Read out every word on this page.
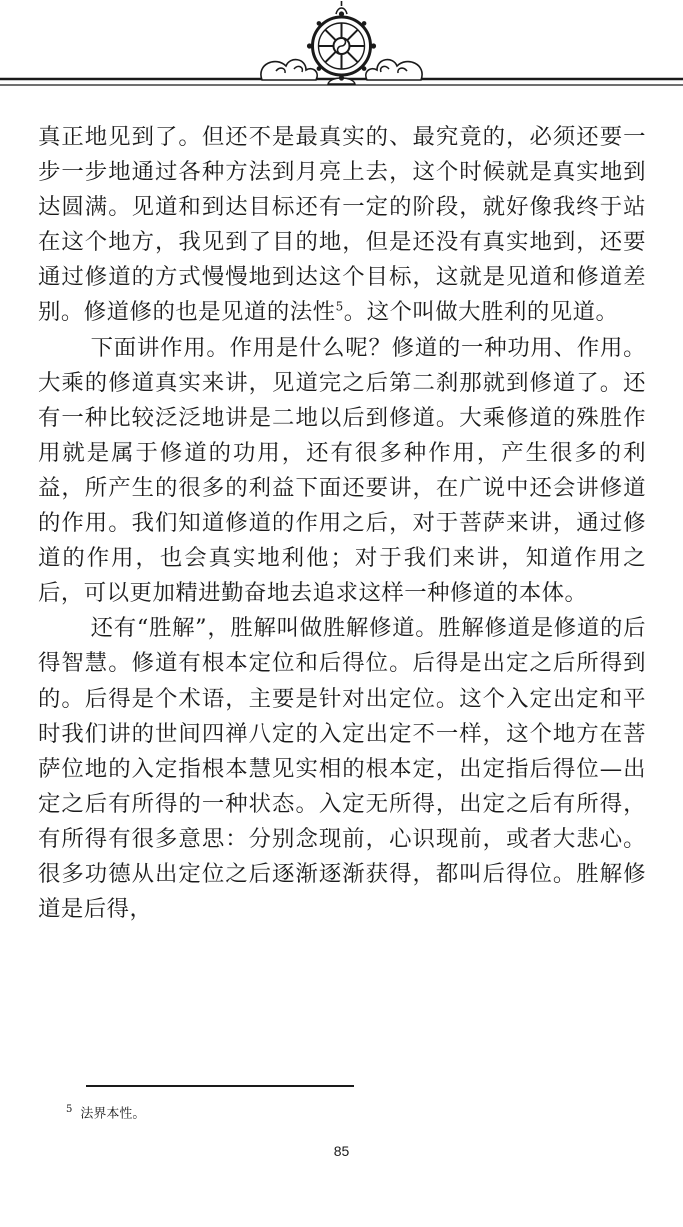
真正地见到了。但还不是最真实的、最究竟的，必须还要一步一步地通过各种方法到月亮上去，这个时候就是真实地到达圆满。见道和到达目标还有一定的阶段，就好像我终于站在这个地方，我见到了目的地，但是还没有真实地到，还要通过修道的方式慢慢地到达这个目标，这就是见道和修道差别。修道修的也是见道的法性$^5$。这个叫做大胜利的见道。

下面讲作用。作用是什么呢？修道的一种功用、作用。大乘的修道真实来讲，见道完之后第二刹那就到修道了。还有一种比较泛泛地讲是二地以后到修道。大乘修道的殊胜作用就是属于修道的功用，还有很多种作用，产生很多的利益，所产生的很多的利益下面还要讲，在广说中还会讲修道的作用。我们知道修道的作用之后，对于菩萨来讲，通过修道的作用，也会真实地利他；对于我们来讲，知道作用之后，可以更加精进勤奋地去追求这样一种修道的本体。

还有“胜解”，胜解叫做胜解修道。胜解修道是修道的后得智慧。修道有根本定位和后得位。后得是出定之后所得到的。后得是个术语，主要是针对出定位。这个入定出定和平时我们讲的世间四禅八定的入定出定不一样，这个地方在菩萨位地的入定指根本慧见实相的根本定，出定指后得位—出定之后有所得的一种状态。入定无所得，出定之后有所得，有所得有很多意思：分别念现前，心识现前，或者大悲心。很多功德从出定位之后逐渐逐渐获得，都叫后得位。胜解修道是后得，

$^5$ 法界本性。
85
